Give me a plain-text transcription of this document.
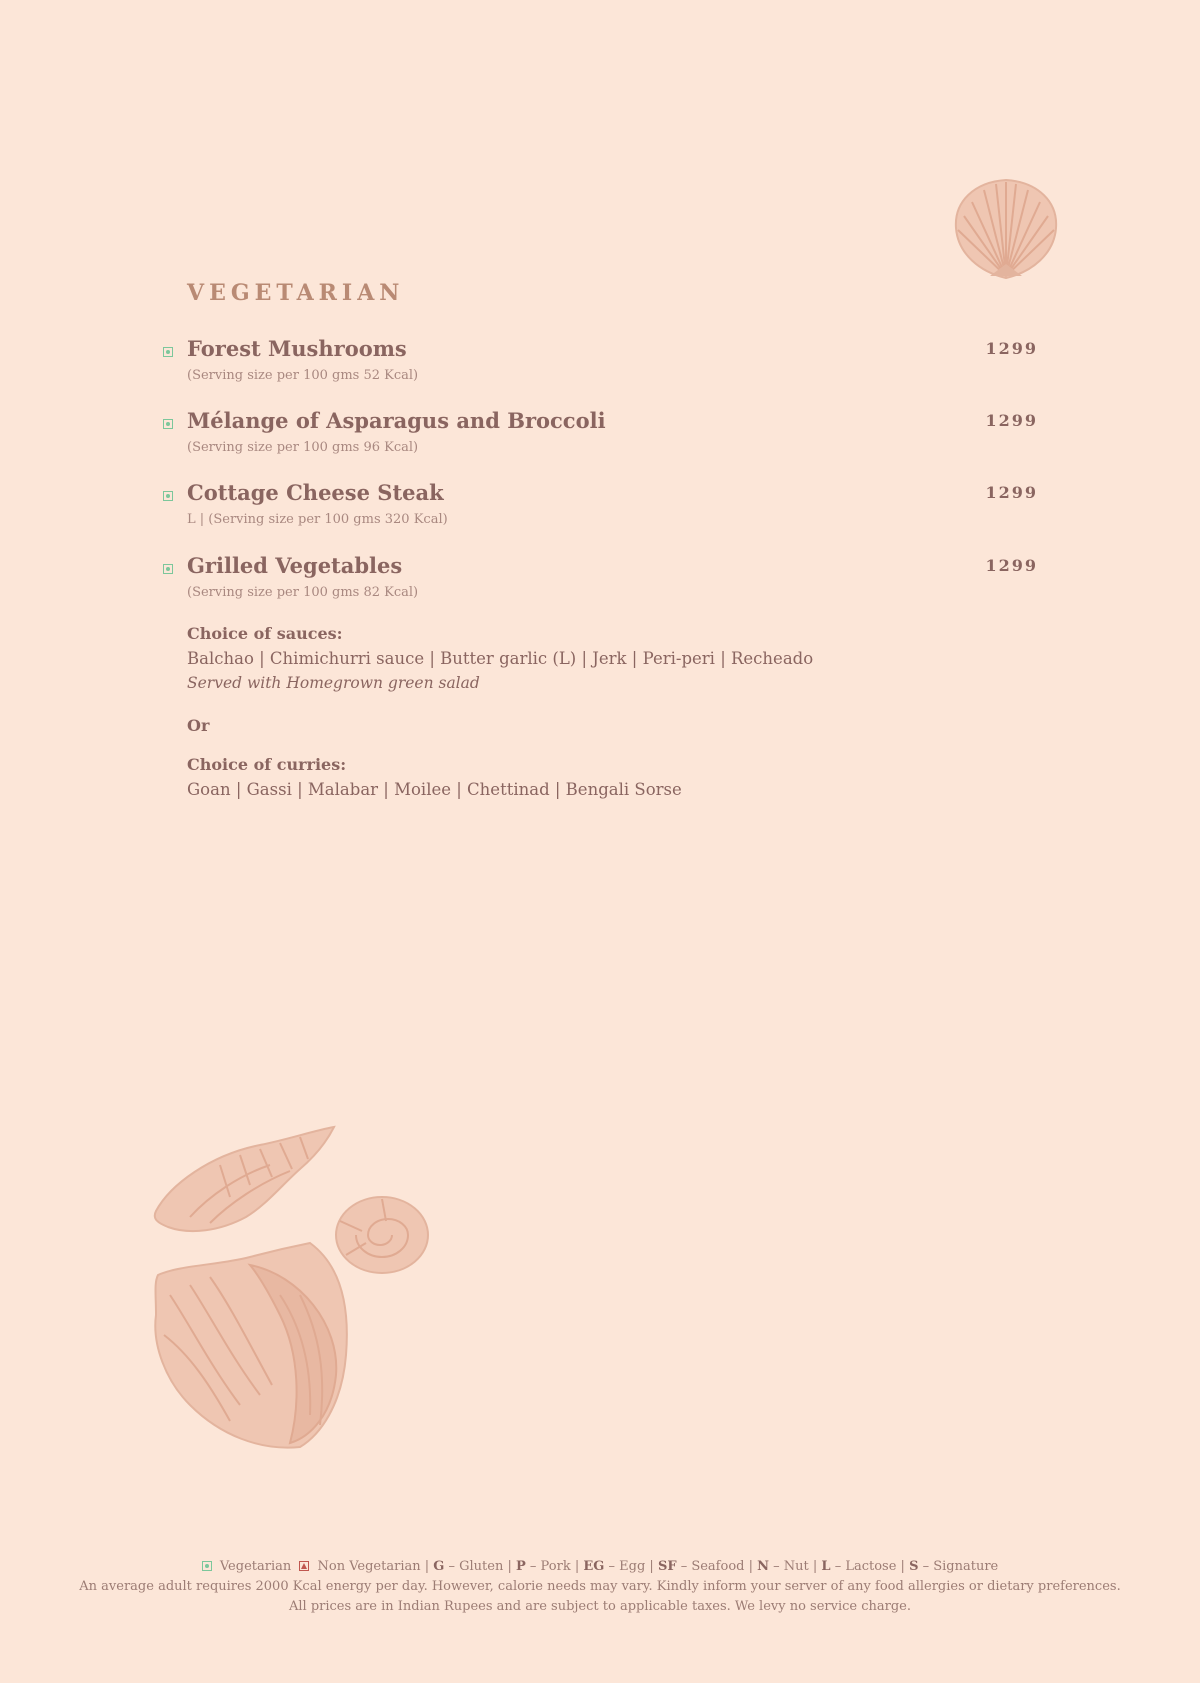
VEGETARIAN
Forest Mushrooms	1299
(Serving size per 100 gms 52 Kcal)
Mélange of Asparagus and Broccoli	1299
(Serving size per 100 gms 96 Kcal)
Cottage Cheese Steak	1299
L | (Serving size per 100 gms 320 Kcal)
Grilled Vegetables	1299
(Serving size per 100 gms 82 Kcal)

Choice of sauces:

Balchao | Chimichurri sauce | Butter garlic (L) | Jerk | Peri-peri | Recheado

Served with Homegrown green salad

Or

Choice of curries:

Goan | Gassi | Malabar | Moilee | Chettinad | Bengali Sorse

Vegetarian Non Vegetarian | G – Gluten | P – Pork | EG – Egg | SF – Seafood | N – Nut | L – Lactose | S – Signature
An average adult requires 2000 Kcal energy per day. However, calorie needs may vary. Kindly inform your server of any food allergies or dietary preferences.
All prices are in Indian Rupees and are subject to applicable taxes. We levy no service charge.
